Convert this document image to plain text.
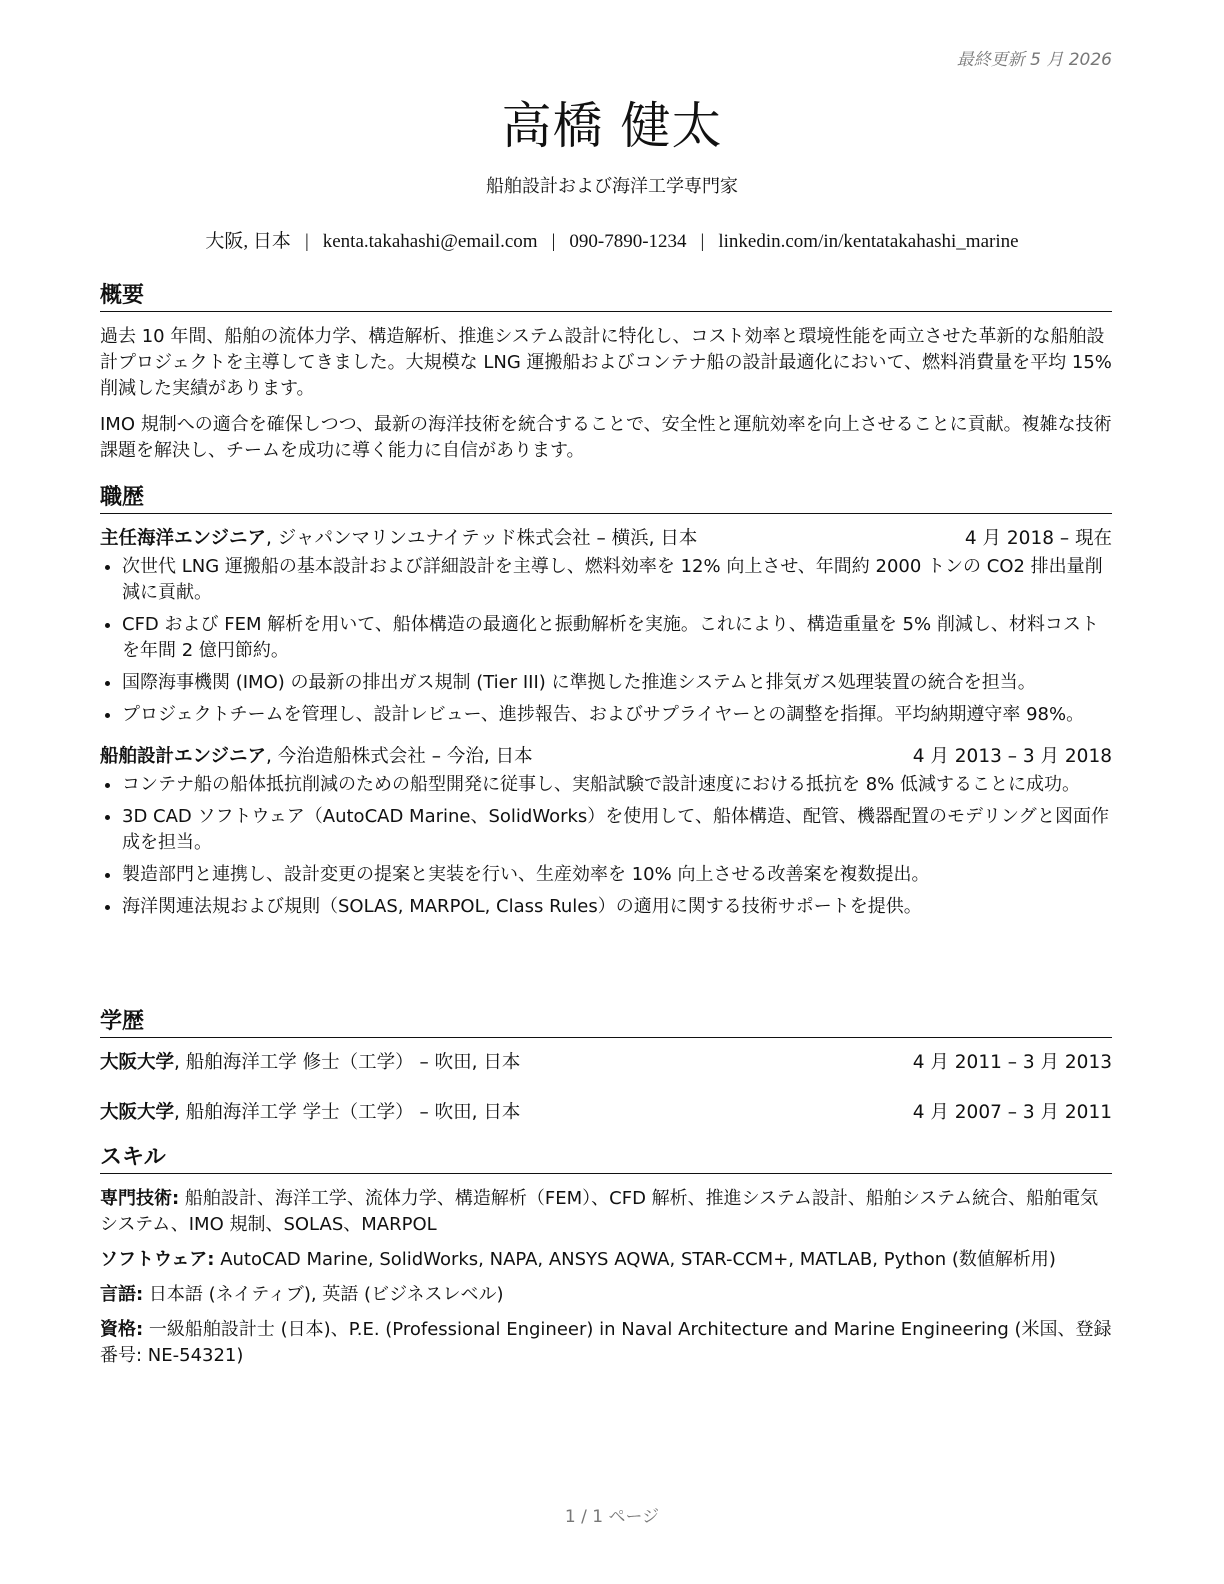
最終更新 5 月 2026
高橋 健太
船舶設計および海洋工学専門家
大阪, 日本 | kenta.takahashi@email.com | 090-7890-1234 | linkedin.com/in/kentatakahashi_marine
概要

過去 10 年間、船舶の流体力学、構造解析、推進システム設計に特化し、コスト効率と環境性能を両立させた革新的な船舶設計プロジェクトを主導してきました。大規模な LNG 運搬船およびコンテナ船の設計最適化において、燃料消費量を平均 15% 削減した実績があります。

IMO 規制への適合を確保しつつ、最新の海洋技術を統合することで、安全性と運航効率を向上させることに貢献。複雑な技術課題を解決し、チームを成功に導く能力に自信があります。

職歴
主任海洋エンジニア, ジャパンマリンユナイテッド株式会社 – 横浜, 日本	4 月 2018 – 現在
• 次世代 LNG 運搬船の基本設計および詳細設計を主導し、燃料効率を 12% 向上させ、年間約 2000 トンの CO2 排出量削減に貢献。
• CFD および FEM 解析を用いて、船体構造の最適化と振動解析を実施。これにより、構造重量を 5% 削減し、材料コストを年間 2 億円節約。
• 国際海事機関 (IMO) の最新の排出ガス規制 (Tier III) に準拠した推進システムと排気ガス処理装置の統合を担当。
• プロジェクトチームを管理し、設計レビュー、進捗報告、およびサプライヤーとの調整を指揮。平均納期遵守率 98%。
船舶設計エンジニア, 今治造船株式会社 – 今治, 日本	4 月 2013 – 3 月 2018
• コンテナ船の船体抵抗削減のための船型開発に従事し、実船試験で設計速度における抵抗を 8% 低減することに成功。
• 3D CAD ソフトウェア（AutoCAD Marine、SolidWorks）を使用して、船体構造、配管、機器配置のモデリングと図面作成を担当。
• 製造部門と連携し、設計変更の提案と実装を行い、生産効率を 10% 向上させる改善案を複数提出。
• 海洋関連法規および規則（SOLAS, MARPOL, Class Rules）の適用に関する技術サポートを提供。
学歴
大阪大学, 船舶海洋工学 修士（工学） – 吹田, 日本	4 月 2011 – 3 月 2013
大阪大学, 船舶海洋工学 学士（工学） – 吹田, 日本	4 月 2007 – 3 月 2011
スキル

専門技術: 船舶設計、海洋工学、流体力学、構造解析（FEM）、CFD 解析、推進システム設計、船舶システム統合、船舶電気システム、IMO 規制、SOLAS、MARPOL

ソフトウェア: AutoCAD Marine, SolidWorks, NAPA, ANSYS AQWA, STAR-CCM+, MATLAB, Python (数値解析用)

言語: 日本語 (ネイティブ), 英語 (ビジネスレベル)

資格: 一級船舶設計士 (日本)、P.E. (Professional Engineer) in Naval Architecture and Marine Engineering (米国、登録番号: NE-54321)

1 / 1 ページ
